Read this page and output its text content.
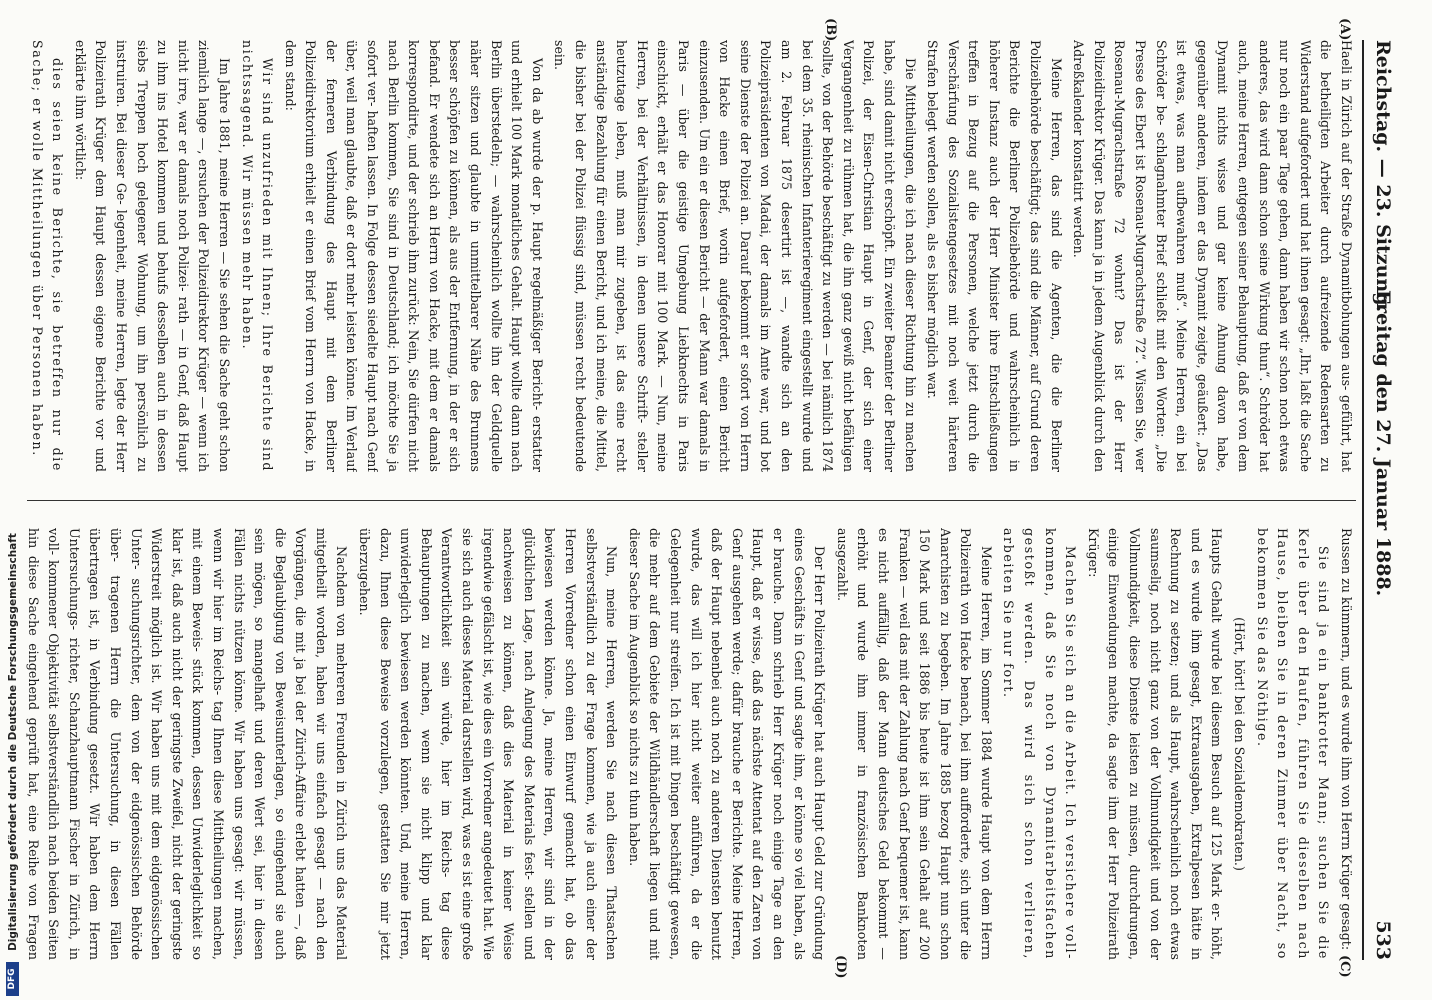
Reichstag. — 23. Sitzung.
Freitag den 27. Januar 1888.
533
(A)
(B)
(C)
(D)

Haeli in Zürich auf der Straße Dynamitbohungen aus- geführt, hat die betheiligten Arbeiter durch aufreizende Redensarten zu Widerstand aufgefordert und hat ihnen gesagt: „Ihr, laßt die Sache nur noch ein paar Tage gehen, dann haben wir schon noch etwas anderes, das wird dann schon seine Wirkung thun“. Schröder hat auch, meine Herren, entgegen seiner Behauptung, daß er von dem Dynamit nichts wisse und gar keine Ahnung davon habe, gegenüber anderen, indem er das Dynamit zeigte, geäußert: „Das ist etwas, was man aufbewahren muß“. Meine Herren, ein bei Schröder be- schlagnahmter Brief schließt mit den Worten: „Die Presse des Ebert ist Rosenau-Mugrachstraße 72“. Wissen Sie, wer Rosenau-Mugrachstraße 72 wohnt? Das ist der Herr Polizeidirektor Krüger. Das kann ja in jedem Augenblick durch den Adreßkalender konstatirt werden.

Meine Herren, das sind die Agenten, die die Berliner Polizeibehörde beschäftigt; das sind die Männer, auf Grund deren Berichte die Berliner Polizeibehörde und wahrscheinlich in höherer Instanz auch der Herr Minister ihre Entschließungen treffen in Bezug auf die Personen, welche jetzt durch die Verschärfung des Sozialistengesetzes mit noch weit härteren Strafen belegt werden sollen, als es bisher möglich war.

Die Mittheilungen, die ich nach dieser Richtung hin zu machen habe, sind damit nicht erschöpft. Ein zweiter Beamter der Berliner Polizei, der Eisen-Christian Haupt in Genf, der sich einer Vergangenheit zu rühmen hat, die ihn ganz gewiß nicht befähigen sollte, von der Behörde beschäftigt zu werden — bei nämlich 1874 bei dem 35. rheinischen Infanterieregiment eingestellt wurde und am 2. Februar 1875 desertirt ist —, wandte sich an den Polizeipräsidenten von Madai, der damals im Amte war, und bot seine Dienste der Polizei an. Darauf bekommt er sofort von Herrn von Hacke einen Brief, worin aufgefordert, einen Bericht einzusenden. Um ein er diesen Bericht — der Mann war damals in Paris — über die geistige Umgebung Liebknechts in Paris einschickt, erhält er das Honorar mit 100 Mark. — Nun, meine Herren, bei der Verhältnissen, in denen unsere Schrift- steller heutzutage leben, muß man mir zugeben, ist das eine recht anständige Bezahlung für einen Bericht, und ich meine, die Mittel, die bisher bei der Polizei flüssig sind, müssen recht bedeutende sein.

Von da ab wurde der p. Haupt regelmäßiger Bericht- erstatter und erhielt 100 Mark monatliches Gehalt. Haupt wollte dann nach Berlin überstedeln; — wahrscheinlich wollte ihn der Geldquelle näher sitzen und glaubte in unmittelbarer Nähe des Brunnens besser schöpfen zu können, als aus der Entfernung, in der er sich befand. Er wendete sich an Herrn von Hacke, mit dem er damals korrespondirte, und der schrieb ihm zurück: Nein, Sie dürfen nicht nach Berlin kommen, Sie sind in Deutschland; ich möchte Sie ja sofort ver- haften lassen. In Folge dessen siedelte Haupt nach Genf über, weil man glaubte, daß er dort mehr leisten könne. Im Verlauf der ferneren Verbindung des Haupt mit dem Berliner Polizeidirektorium erhielt er einen Brief vom Herrn von Hacke, in dem stand:

Wir sind unzufrieden mit Ihnen; Ihre Berichte sind nichtssagend. Wir müssen mehr haben.

Im Jahre 1881, meine Herren — Sie sehen die Sache geht schon ziemlich lange —, ersuchen der Polizeidirektor Krüger — wenn ich nicht irre, war er damals noch Polizei- rath — in Genf, daß Haupt zu ihm ins Hotel kommen und behufs desselben auch in dessen siebs Treppen hoch gelegener Wohnung, um ihn persönlich zu instruiren. Bei dieser Ge- legenheit, meine Herren, legte der Herr Polizeirath Krüger dem Haupt dessen eigene Berichte vor und erklärte ihm wörtlich:

dies seien keine Berichte, sie betreffen nur die Sache; er wolle Mittheilungen über Personen haben.

Russen zu kümmern, und es wurde ihm von Herrn Krüger gesagt:

Sie sind ja ein bankrotter Mann; suchen Sie die Kerle über den Haufen, führen Sie dieselben nach Hause, bleiben Sie in deren Zimmer über Nacht, so bekommen Sie das Nöthige.

(Hört, hört! bei den Sozialdemokraten.)

Haupts Gehalt wurde bei diesem Besuch auf 125 Mark er- höht, und es wurde ihm gesagt, Extraausgaben, Extralpesen hätte in Rechnung zu setzen; und als Haupt, wahrscheinlich noch etwas saumselig, noch nicht ganz von der Vollmundigkeit und von der Vollmundigkeit, diese Dienste leisten zu müssen, durchdrungen, einige Einwendungen machte, da sagte ihm der Herr Polizeirath Krüger:

Machen Sie sich an die Arbeit. Ich versichere voll- kommen, daß Sie noch von Dynamitarbeitsfachen gestoßt werden. Das wird sich schon verlieren, arbeiten Sie nur fort.

Meine Herren, im Sommer 1884 wurde Haupt von dem Herrn Polizeirath von Hacke benach, bei ihm aufforderte, sich unter die Anarchisten zu begeben. Im Jahre 1885 bezog Haupt nun schon 150 Mark und seit 1886 bis heute ist ihm sein Gehalt auf 200 Franken — weil das mit der Zahlung nach Genf bequemer ist, kann es nicht auffällig, daß der Mann deutsches Geld bekommt — erhöht und wurde ihm immer in französischen Banknoten ausgezahlt.

Der Herr Polizeirath Krüger hat auch Haupt Geld zur Gründung eines Geschäfts in Genf und sagte ihm, er könne so viel haben, als er brauche. Dann schrieb Herr Krüger noch einige Tage an den Haupt, daß er wisse, daß das nächste Attentat auf den Zaren von Genf ausgehen werde; dafür brauche er Berichte. Meine Herren, daß der Haupt nebenbei auch noch zu anderen Diensten benutzt wurde, das will ich hier nicht weiter anführen, da er die Gelegenheit nur streifen. Ich ist mit Dingen beschäftigt gewesen, die mehr auf dem Gebiete der Wildhändlerschaft liegen und mit dieser Sache im Augenblick so nichts zu thun haben.

Nun, meine Herren, werden Sie nach diesen Thatsachen selbstverständlich zu der Frage kommen, wie ja auch einer der Herren Vorredner schon einen Einwurf gemacht hat, ob das bewiesen werden könne. Ja, meine Herren, wir sind in der glücklichen Lage, nach Anlegung des Materials fest- stellen und nachweisen zu können, daß dies Material in keiner Weise irgendwie gefälscht ist, wie dies ein Vorredner angedeutet hat. Wie sie sich auch dieses Material darstellen wird, was es ist eine große Verantwortlichkeit sein würde, hier im Reichs- tag diese Behauptungen zu machen, wenn sie nicht klipp und klar unwiderleglich bewiesen werden könnten. Und, meine Herren, dazu, Ihnen diese Beweise vorzulegen, gestatten Sie mir jetzt überzugehen.

Nachdem von mehreren Freunden in Zürich uns das Material mitgetheilt worden, haben wir uns einfach gesagt — nach den Vorgängen, die mit ja bei der Zürich-Affaire erlebt hatten —, daß die Beglaubigung von Beweisunterlagen, so eingehend sie auch sein mögen, so mangelhaft und deren Wert sei, hier in diesen Fällen nichts nützen könne. Wir haben uns gesagt: wir müssen, wenn wir hier im Reichs- tag Ihnen diese Mittheilungen machen, mit einem Beweis- stück kommen, dessen Unwiderleglichkeit so klar ist, daß auch nicht der geringste Zweifel, nicht der geringste Widerstreit möglich ist. Wir haben uns mit dem eidgenössischen Unter- suchungsrichter, dem von der eidgenössischen Behörde über- tragenen Herrn die Untersuchung, in diesen Fällen übertragen ist, in Verbindung gesetzt. Wir haben dem Herrn Untersuchungs- richter, Schanzhauptmann Fischer in Zürich, in voll- kommener Objektivität selbstverständlich nach beiden Seiten hin diese Sache eingehend geprüft hat, eine Reihe von Fragen

DFG Digitalisierung gefördert durch die Deutsche Forschungsgemeinschaft
